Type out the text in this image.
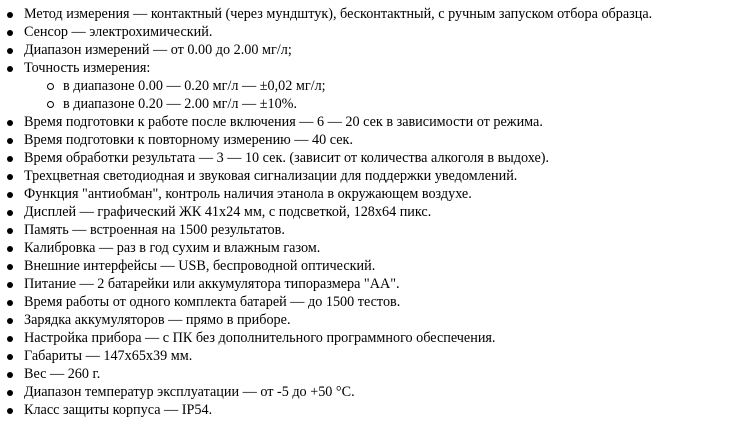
Метод измерения — контактный (через мундштук), бесконтактный, с ручным запуском отбора образца.
Сенсор — электрохимический.
Диапазон измерений — от 0.00 до 2.00 мг/л;
Точность измерения:
в диапазоне 0.00 — 0.20 мг/л — ±0,02 мг/л;
в диапазоне 0.20 — 2.00 мг/л — ±10%.
Время подготовки к работе после включения — 6 — 20 сек в зависимости от режима.
Время подготовки к повторному измерению — 40 сек.
Время обработки результата — 3 — 10 сек. (зависит от количества алкоголя в выдохе).
Трехцветная светодиодная и звуковая сигнализации для поддержки уведомлений.
Функция "антиобман", контроль наличия этанола в окружающем воздухе.
Дисплей — графический ЖК 41x24 мм, с подсветкой, 128x64 пикс.
Память — встроенная на 1500 результатов.
Калибровка — раз в год сухим и влажным газом.
Внешние интерфейсы — USB, беспроводной оптический.
Питание — 2 батарейки или аккумулятора типоразмера "АА".
Время работы от одного комплекта батарей — до 1500 тестов.
Зарядка аккумуляторов — прямо в приборе.
Настройка прибора — с ПК без дополнительного программного обеспечения.
Габариты — 147x65x39 мм.
Вес — 260 г.
Диапазон температур эксплуатации — от -5 до +50 °С.
Класс защиты корпуса — IP54.
